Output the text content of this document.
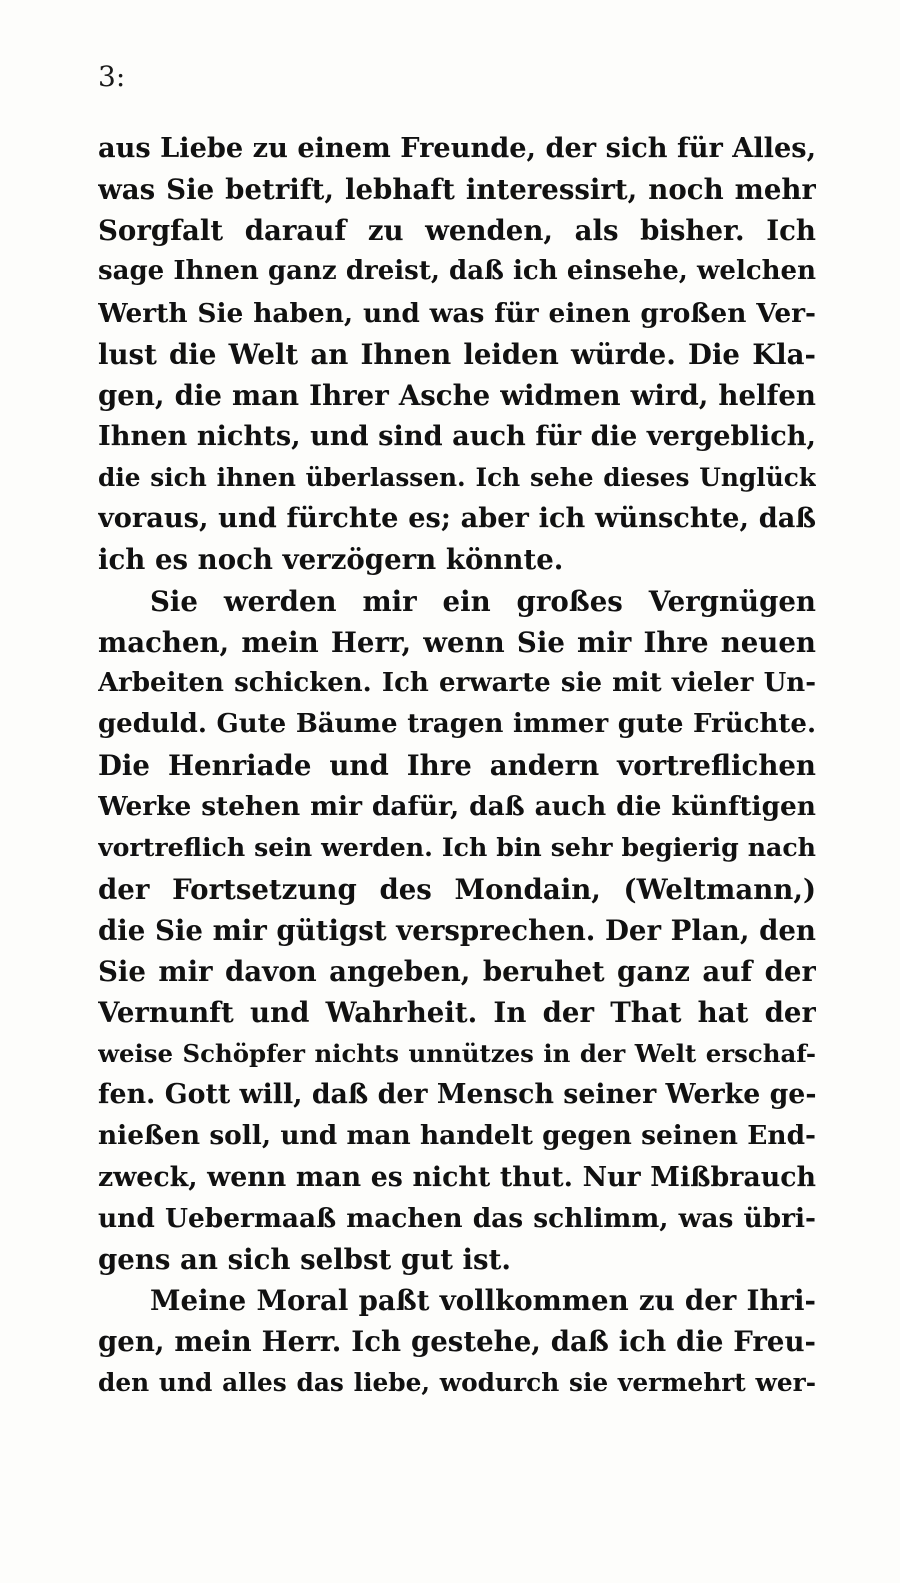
3:
aus Liebe zu einem Freunde, der sich für Alles,
was Sie betrift, lebhaft interessirt, noch mehr
Sorgfalt darauf zu wenden, als bisher. Ich
sage Ihnen ganz dreist, daß ich einsehe, welchen
Werth Sie haben, und was für einen großen Ver-
lust die Welt an Ihnen leiden würde. Die Kla-
gen, die man Ihrer Asche widmen wird, helfen
Ihnen nichts, und sind auch für die vergeblich,
die sich ihnen überlassen. Ich sehe dieses Unglück
voraus, und fürchte es; aber ich wünschte, daß
ich es noch verzögern könnte.
Sie werden mir ein großes Vergnügen
machen, mein Herr, wenn Sie mir Ihre neuen
Arbeiten schicken. Ich erwarte sie mit vieler Un-
geduld. Gute Bäume tragen immer gute Früchte.
Die Henriade und Ihre andern vortreflichen
Werke stehen mir dafür, daß auch die künftigen
vortreflich sein werden. Ich bin sehr begierig nach
der Fortsetzung des Mondain, (Weltmann,)
die Sie mir gütigst versprechen. Der Plan, den
Sie mir davon angeben, beruhet ganz auf der
Vernunft und Wahrheit. In der That hat der
weise Schöpfer nichts unnützes in der Welt erschaf-
fen. Gott will, daß der Mensch seiner Werke ge-
nießen soll, und man handelt gegen seinen End-
zweck, wenn man es nicht thut. Nur Mißbrauch
und Uebermaaß machen das schlimm, was übri-
gens an sich selbst gut ist.
Meine Moral paßt vollkommen zu der Ihri-
gen, mein Herr. Ich gestehe, daß ich die Freu-
den und alles das liebe, wodurch sie vermehrt wer-
